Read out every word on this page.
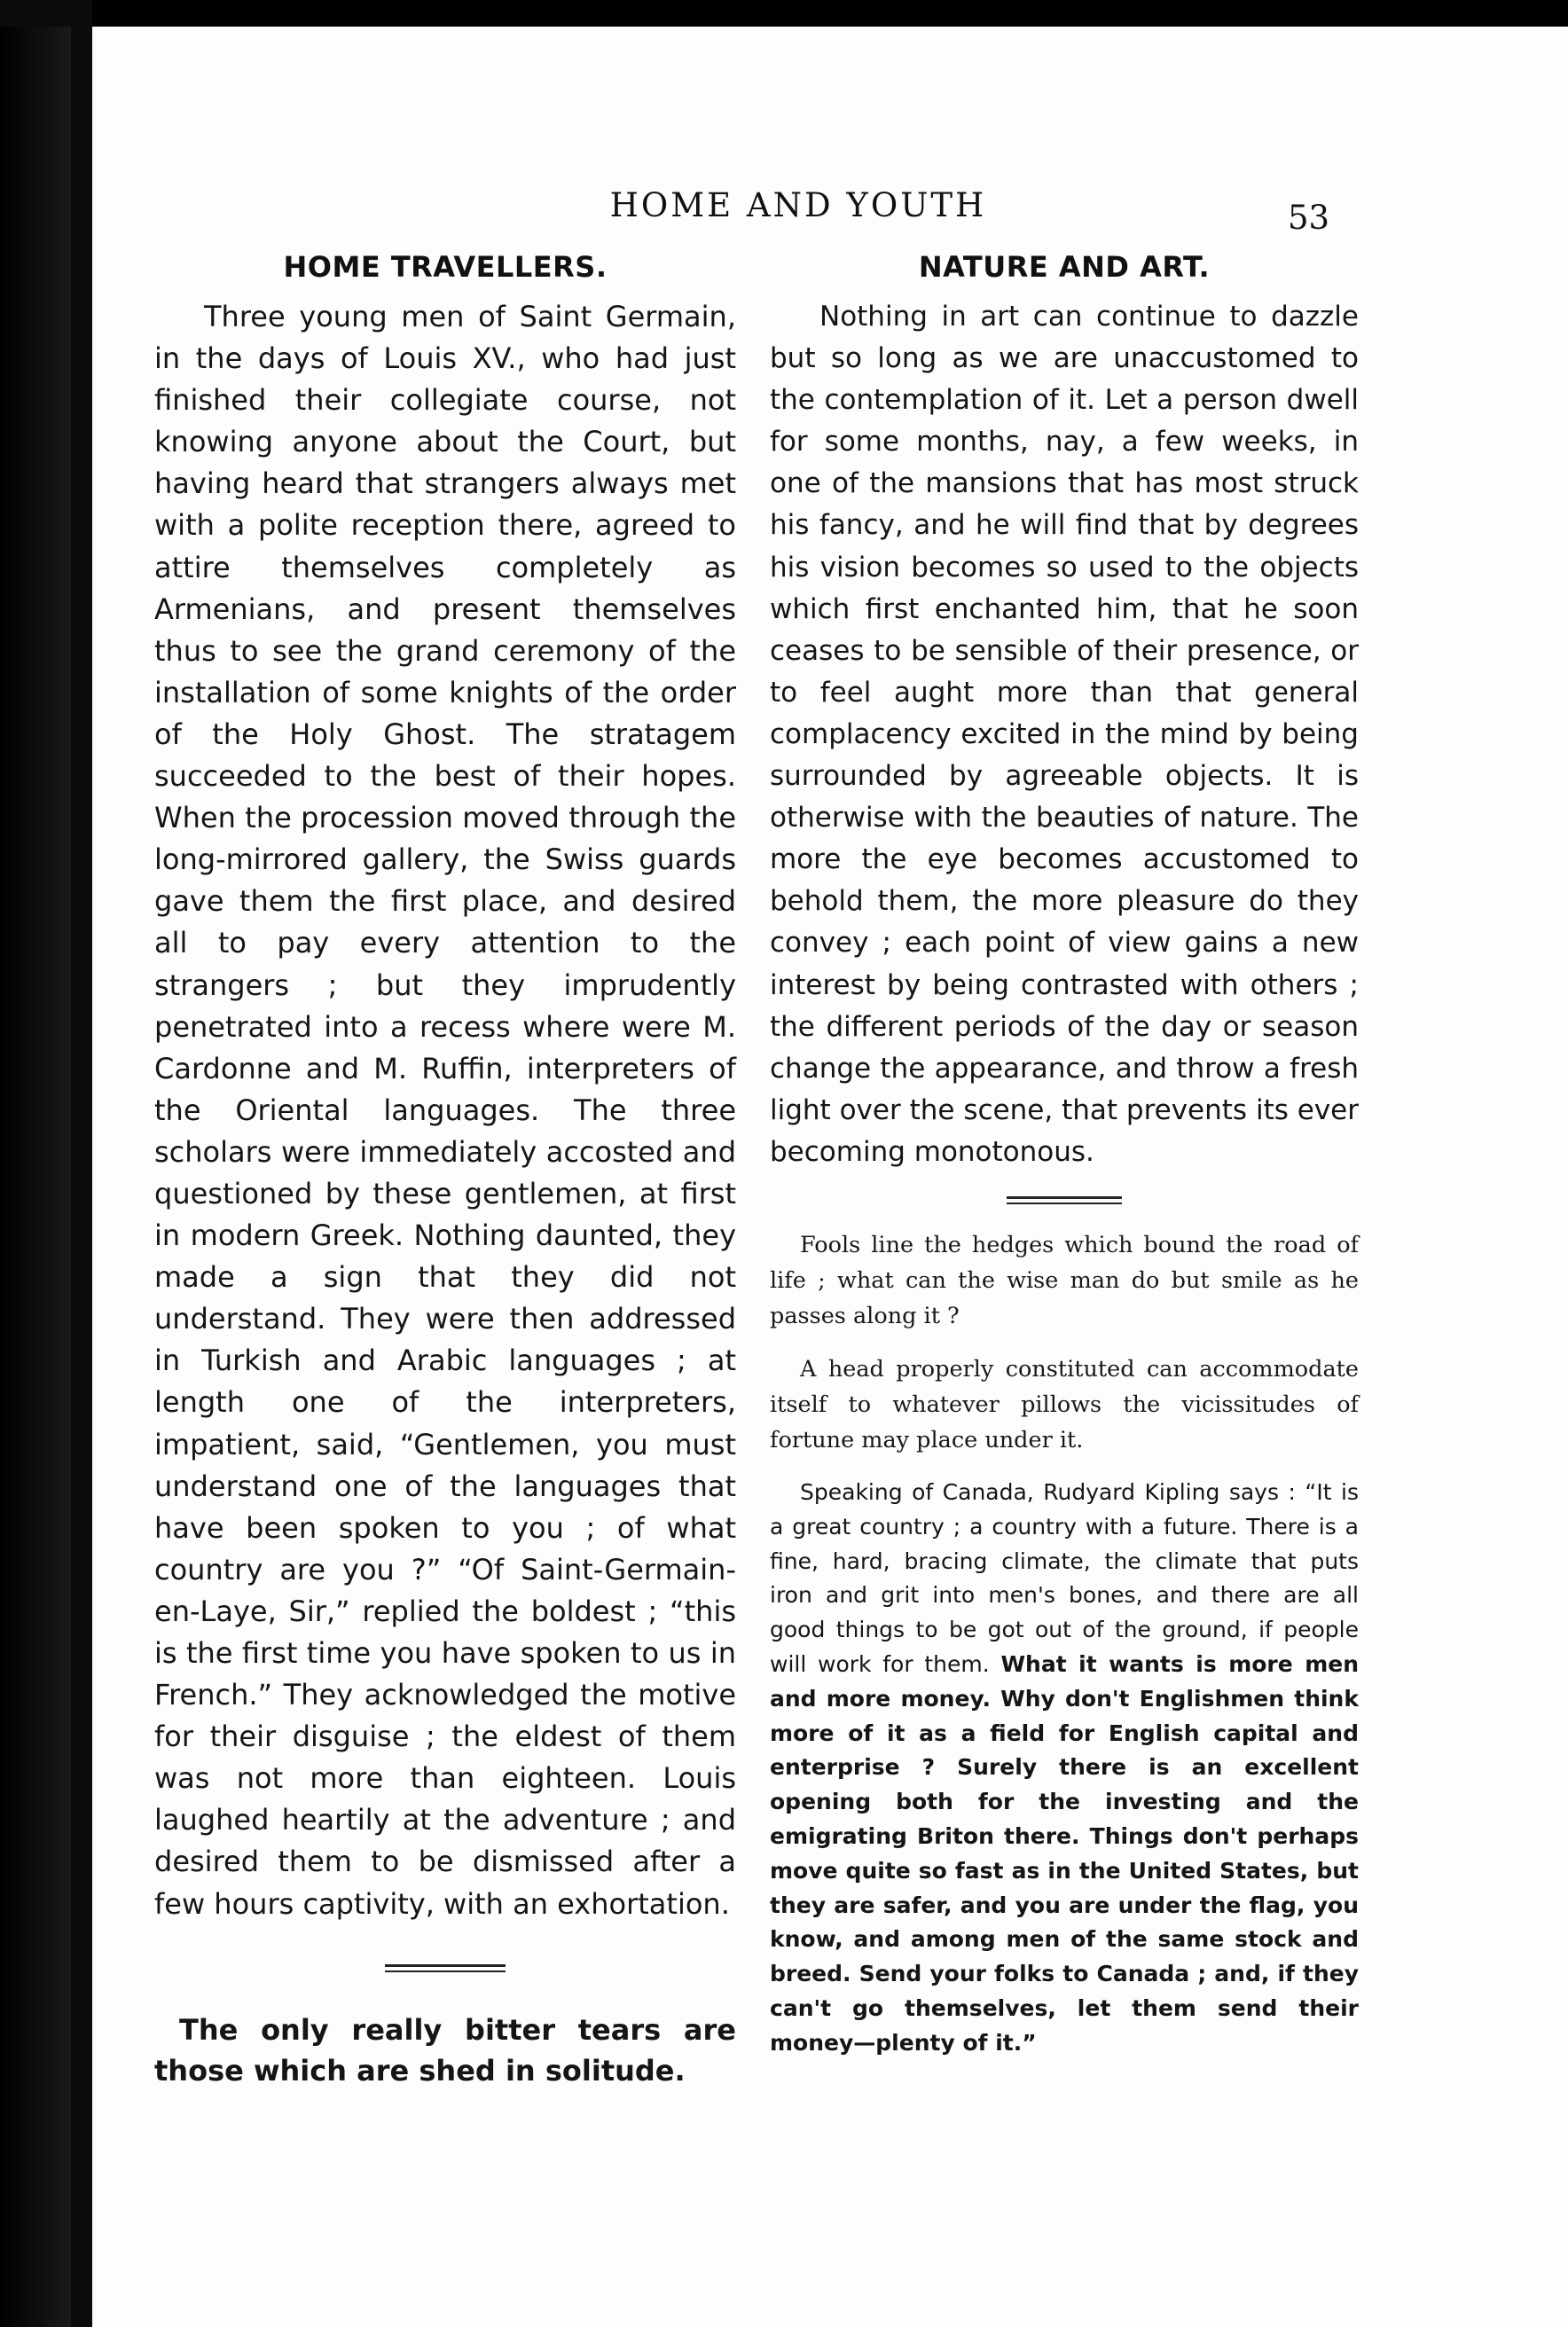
HOME AND YOUTH	53
HOME TRAVELLERS.

Three young men of Saint Germain, in the days of Louis XV., who had just finished their collegiate course, not knowing anyone about the Court, but having heard that strangers always met with a polite reception there, agreed to attire themselves completely as Armenians, and present themselves thus to see the grand ceremony of the installation of some knights of the order of the Holy Ghost. The stratagem succeeded to the best of their hopes. When the procession moved through the long-mirrored gallery, the Swiss guards gave them the first place, and desired all to pay every attention to the strangers ; but they imprudently penetrated into a recess where were M. Cardonne and M. Ruffin, interpreters of the Oriental languages. The three scholars were immediately accosted and questioned by these gentlemen, at first in modern Greek. Nothing daunted, they made a sign that they did not understand. They were then addressed in Turkish and Arabic languages ; at length one of the interpreters, impatient, said, “Gentlemen, you must understand one of the languages that have been spoken to you ; of what country are you ?” “Of Saint-Germain-en-Laye, Sir,” replied the boldest ; “this is the first time you have spoken to us in French.” They acknowledged the motive for their disguise ; the eldest of them was not more than eighteen. Louis laughed heartily at the adventure ; and desired them to be dismissed after a few hours captivity, with an exhortation.

The only really bitter tears are those which are shed in solitude.

NATURE AND ART.

Nothing in art can continue to dazzle but so long as we are unaccustomed to the contemplation of it. Let a person dwell for some months, nay, a few weeks, in one of the mansions that has most struck his fancy, and he will find that by degrees his vision becomes so used to the objects which first enchanted him, that he soon ceases to be sensible of their presence, or to feel aught more than that general complacency excited in the mind by being surrounded by agreeable objects. It is otherwise with the beauties of nature. The more the eye becomes accustomed to behold them, the more pleasure do they convey ; each point of view gains a new interest by being contrasted with others ; the different periods of the day or season change the appearance, and throw a fresh light over the scene, that prevents its ever becoming monotonous.

Fools line the hedges which bound the road of life ; what can the wise man do but smile as he passes along it ?

A head properly constituted can accommodate itself to whatever pillows the vicissitudes of fortune may place under it.

Speaking of Canada, Rudyard Kipling says : “It is a great country ; a country with a future. There is a fine, hard, bracing climate, the climate that puts iron and grit into men's bones, and there are all good things to be got out of the ground, if people will work for them. What it wants is more men and more money. Why don't Englishmen think more of it as a field for English capital and enterprise ? Surely there is an excellent opening both for the investing and the emigrating Briton there. Things don't perhaps move quite so fast as in the United States, but they are safer, and you are under the flag, you know, and among men of the same stock and breed. Send your folks to Canada ; and, if they can't go themselves, let them send their money—plenty of it.”
